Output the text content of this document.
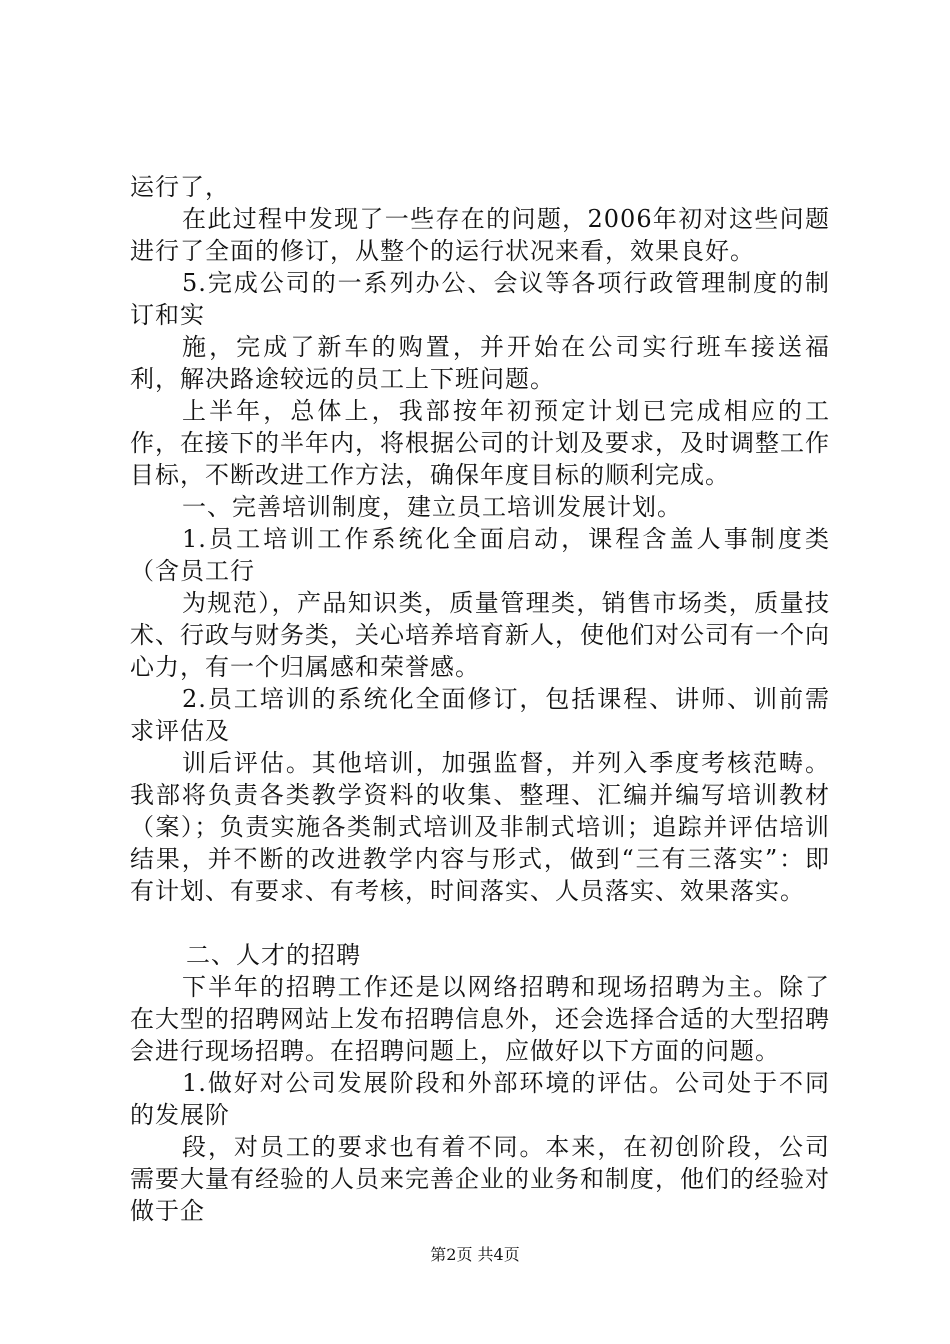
运行了，

在此过程中发现了一些存在的问题，2006年初对这些问题进行了全面的修订，从整个的运行状况来看，效果良好。

5.完成公司的一系列办公、会议等各项行政管理制度的制订和实

施，完成了新车的购置，并开始在公司实行班车接送福利，解决路途较远的员工上下班问题。

上半年，总体上，我部按年初预定计划已完成相应的工作，在接下的半年内，将根据公司的计划及要求，及时调整工作目标，不断改进工作方法，确保年度目标的顺利完成。

一、完善培训制度，建立员工培训发展计划。

1.员工培训工作系统化全面启动，课程含盖人事制度类（含员工行

为规范），产品知识类，质量管理类，销售市场类，质量技术、行政与财务类，关心培养培育新人，使他们对公司有一个向心力，有一个归属感和荣誉感。

2.员工培训的系统化全面修订，包括课程、讲师、训前需求评估及

训后评估。其他培训，加强监督，并列入季度考核范畴。我部将负责各类教学资料的收集、整理、汇编并编写培训教材（案）；负责实施各类制式培训及非制式培训；追踪并评估培训结果，并不断的改进教学内容与形式，做到“三有三落实”：即有计划、有要求、有考核，时间落实、人员落实、效果落实。

二、人才的招聘

下半年的招聘工作还是以网络招聘和现场招聘为主。除了在大型的招聘网站上发布招聘信息外，还会选择合适的大型招聘会进行现场招聘。在招聘问题上，应做好以下方面的问题。

1.做好对公司发展阶段和外部环境的评估。公司处于不同的发展阶

段，对员工的要求也有着不同。本来，在初创阶段，公司需要大量有经验的人员来完善企业的业务和制度，他们的经验对做于企

第2页 共4页
